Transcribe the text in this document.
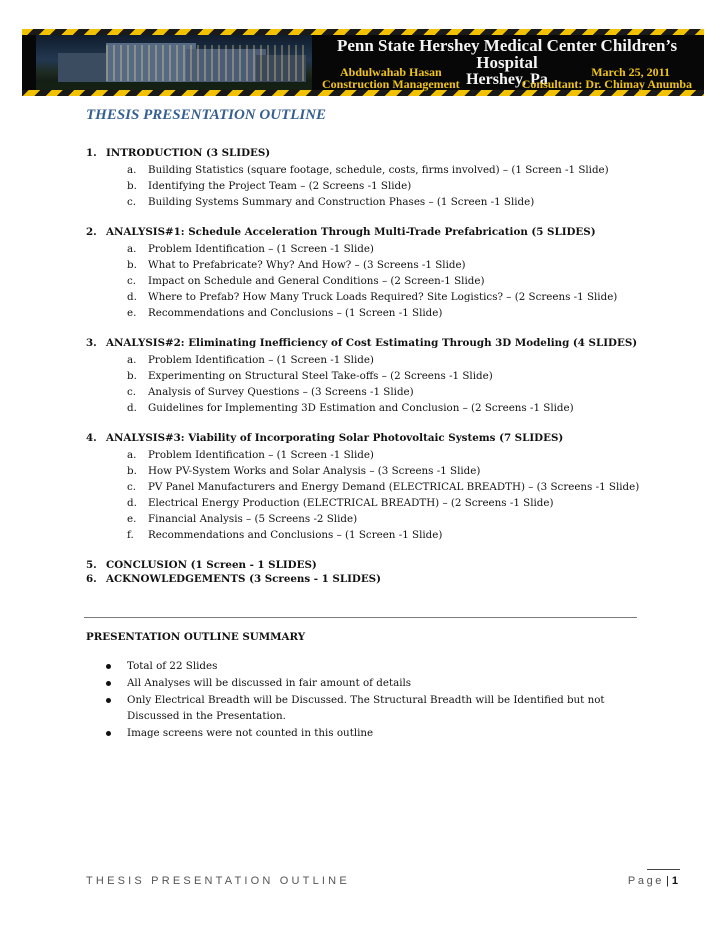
Penn State Hershey Medical Center Children’s Hospital
Hershey, Pa
Abdulwahab Hasan
Construction Management
March 25, 2011
Consultant: Dr. Chimay Anumba
THESIS PRESENTATION OUTLINE
1. INTRODUCTION (3 SLIDES)
a. Building Statistics (square footage, schedule, costs, firms involved) – (1 Screen -1 Slide)
b. Identifying the Project Team – (2 Screens -1 Slide)
c. Building Systems Summary and Construction Phases – (1 Screen -1 Slide)
2. ANALYSIS#1: Schedule Acceleration Through Multi-Trade Prefabrication (5 SLIDES)
a. Problem Identification – (1 Screen -1 Slide)
b. What to Prefabricate? Why? And How? – (3 Screens -1 Slide)
c. Impact on Schedule and General Conditions – (2 Screen-1 Slide)
d. Where to Prefab? How Many Truck Loads Required? Site Logistics? – (2 Screens -1 Slide)
e. Recommendations and Conclusions – (1 Screen -1 Slide)
3. ANALYSIS#2: Eliminating Inefficiency of Cost Estimating Through 3D Modeling (4 SLIDES)
a. Problem Identification – (1 Screen -1 Slide)
b. Experimenting on Structural Steel Take-offs – (2 Screens -1 Slide)
c. Analysis of Survey Questions – (3 Screens -1 Slide)
d. Guidelines for Implementing 3D Estimation and Conclusion – (2 Screens -1 Slide)
4. ANALYSIS#3: Viability of Incorporating Solar Photovoltaic Systems (7 SLIDES)
a. Problem Identification – (1 Screen -1 Slide)
b. How PV-System Works and Solar Analysis – (3 Screens -1 Slide)
c. PV Panel Manufacturers and Energy Demand (ELECTRICAL BREADTH) – (3 Screens -1 Slide)
d. Electrical Energy Production (ELECTRICAL BREADTH) – (2 Screens -1 Slide)
e. Financial Analysis – (5 Screens -2 Slide)
f. Recommendations and Conclusions – (1 Screen -1 Slide)
5. CONCLUSION (1 Screen - 1 SLIDES)
6. ACKNOWLEDGEMENTS (3 Screens - 1 SLIDES)
PRESENTATION OUTLINE SUMMARY
Total of 22 Slides
All Analyses will be discussed in fair amount of details
Only Electrical Breadth will be Discussed. The Structural Breadth will be Identified but not Discussed in the Presentation.
Image screens were not counted in this outline
THESIS PRESENTATION OUTLINE	Page | 1
